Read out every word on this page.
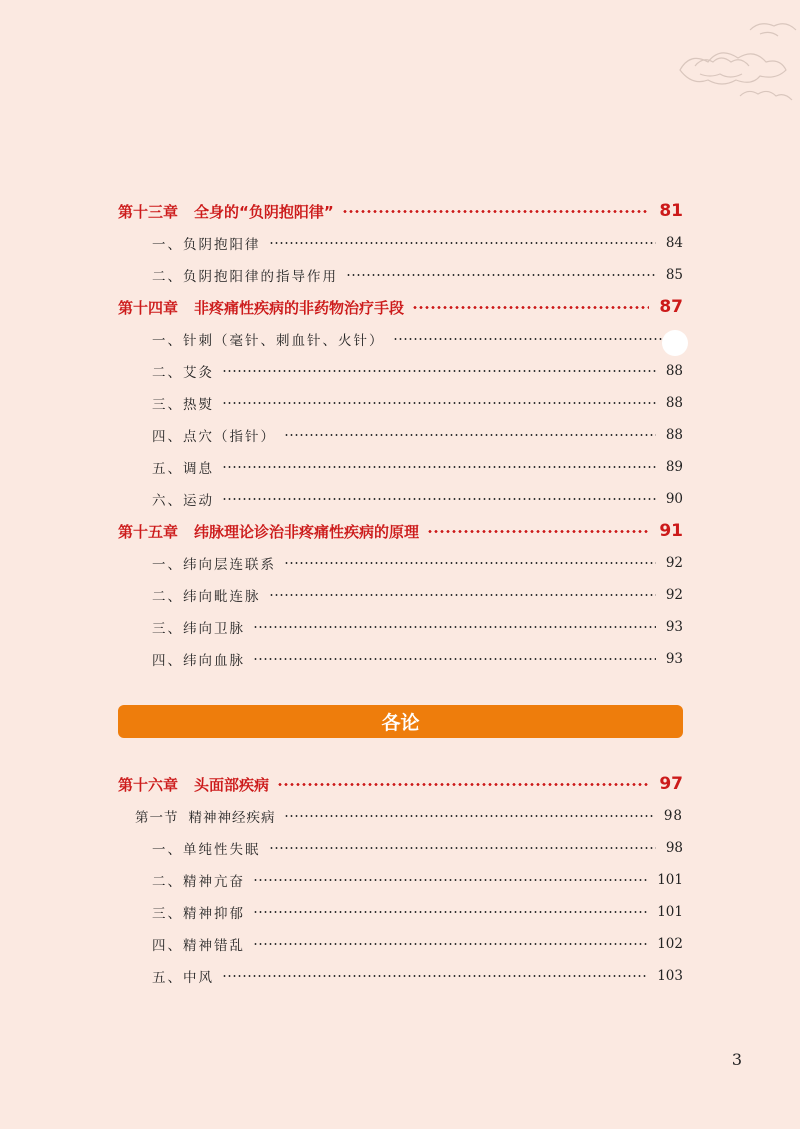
第十三章 全身的“负阴抱阳律”	81
一、负阴抱阳律	84
二、负阴抱阳律的指导作用	85
第十四章 非疼痛性疾病的非药物治疗手段	87
一、针刺（毫针、刺血针、火针）
二、艾灸	88
三、热熨	88
四、点穴（指针）	88
五、调息	89
六、运动	90
第十五章 纬脉理论诊治非疼痛性疾病的原理	91
一、纬向层连联系	92
二、纬向毗连脉	92
三、纬向卫脉	93
四、纬向血脉	93
各论
第十六章 头面部疾病	97
第一节 精神神经疾病	98
一、单纯性失眠	98
二、精神亢奋	101
三、精神抑郁	101
四、精神错乱	102
五、中风	103
3
